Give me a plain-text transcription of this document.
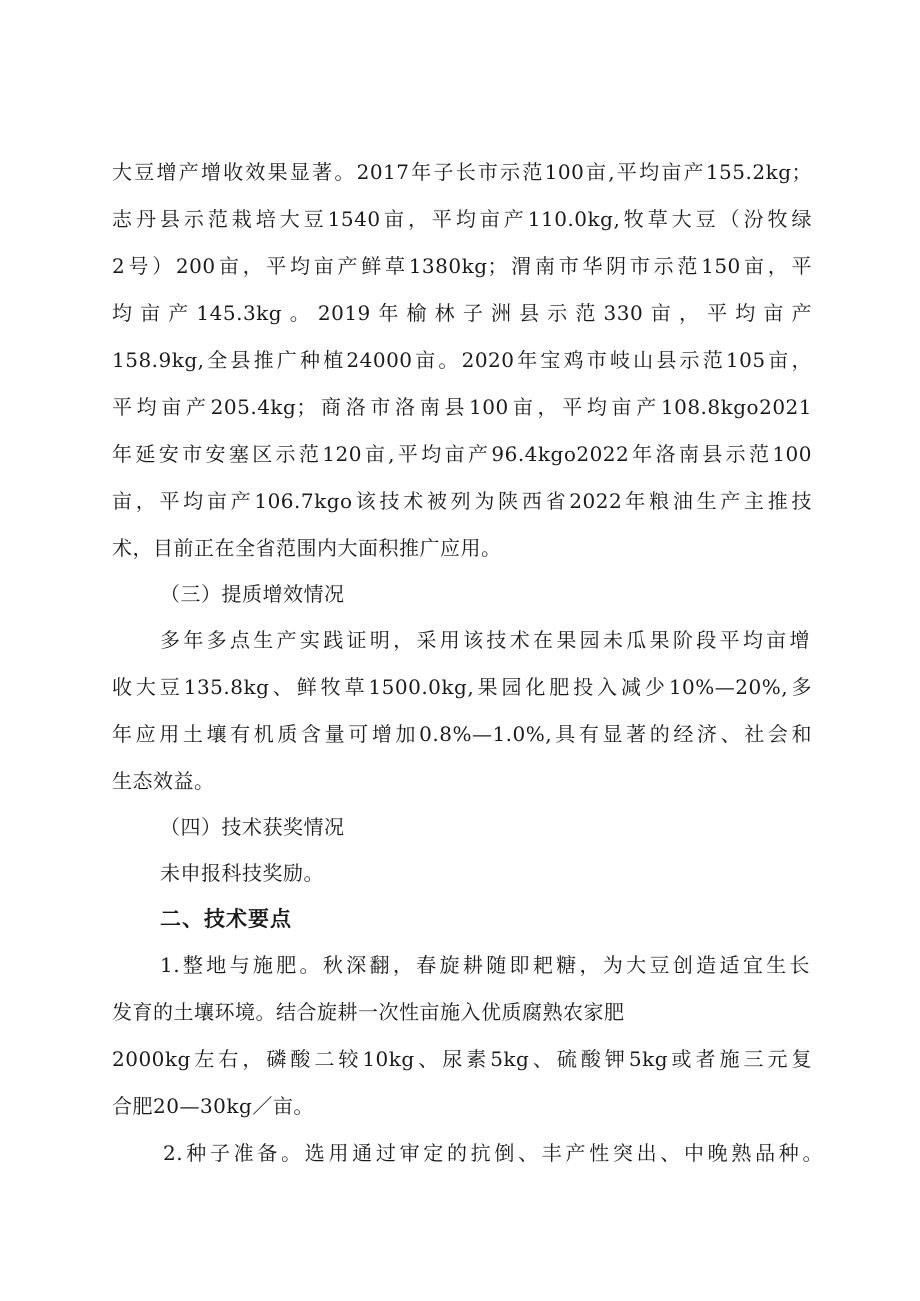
大豆增产增收效果显著。2017年子长市示范100亩,平均亩产155.2kg；
志丹县示范栽培大豆1540亩，平均亩产110.0kg,牧草大豆（汾牧绿
2号）200亩，平均亩产鲜草1380kg；渭南市华阴市示范150亩，平
均亩产145.3kg。2019年榆林子洲县示范330亩，平均亩产
158.9kg,全县推广种植24000亩。2020年宝鸡市岐山县示范105亩，
平均亩产205.4kg；商洛市洛南县100亩，平均亩产108.8kgo2021
年延安市安塞区示范120亩,平均亩产96.4kgo2022年洛南县示范100
亩，平均亩产106.7kgo该技术被列为陕西省2022年粮油生产主推技
术，目前正在全省范围内大面积推广应用。
（三）提质增效情况
多年多点生产实践证明，采用该技术在果园未瓜果阶段平均亩增
收大豆135.8kg、鲜牧草1500.0kg,果园化肥投入减少10%—20%,多
年应用土壤有机质含量可增加0.8%—1.0%,具有显著的经济、社会和
生态效益。
（四）技术获奖情况
未申报科技奖励。
二、技术要点
1.整地与施肥。秋深翻，春旋耕随即耙糖，为大豆创造适宜生长
发育的土壤环境。结合旋耕一次性亩施入优质腐熟农家肥
2000kg左右，磷酸二较10kg、尿素5kg、硫酸钾5kg或者施三元复
合肥20—30kg／亩。
2.种子准备。选用通过审定的抗倒、丰产性突出、中晚熟品种。
